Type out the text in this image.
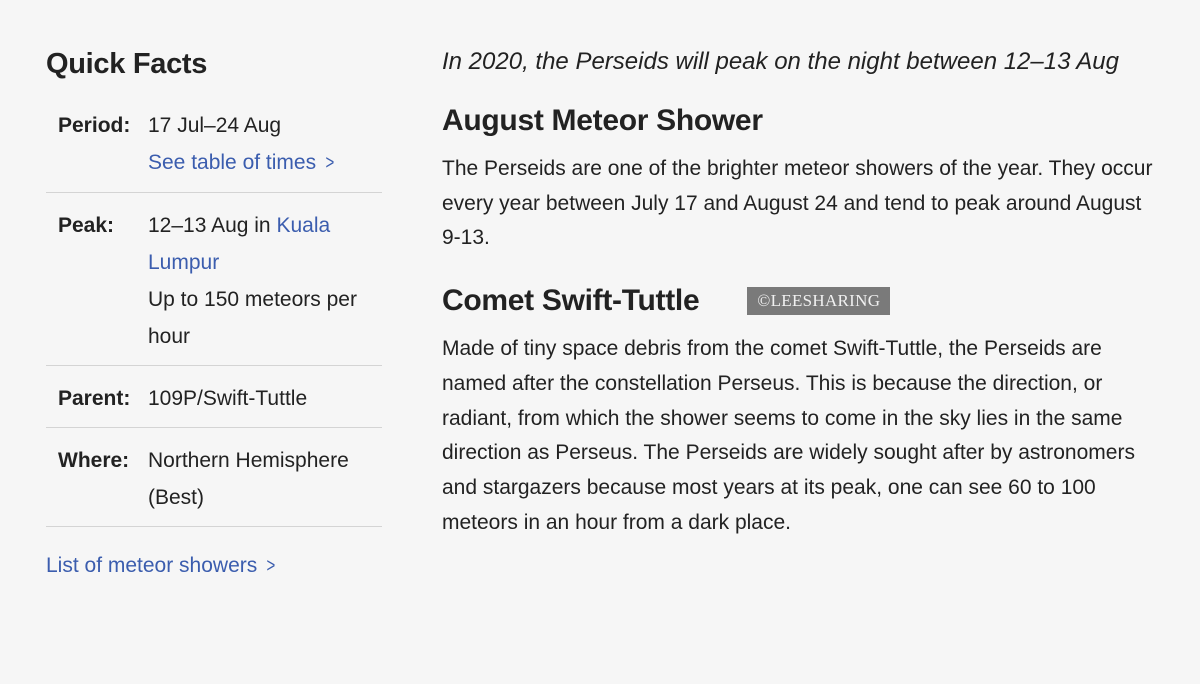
Quick Facts
Period: 17 Jul–24 Aug
See table of times >
Peak:	12–13 Aug in Kuala Lumpur
Up to 150 meteors per hour
Parent: 109P/Swift-Tuttle
Where: Northern Hemisphere (Best)
List of meteor showers >

In 2020, the Perseids will peak on the night between 12–13 Aug

August Meteor Shower

The Perseids are one of the brighter meteor showers of the year. They occur every year between July 17 and August 24 and tend to peak around August 9-13.

Comet Swift-Tuttle	©LEESHARING

Made of tiny space debris from the comet Swift-Tuttle, the Perseids are named after the constellation Perseus. This is because the direction, or radiant, from which the shower seems to come in the sky lies in the same direction as Perseus. The Perseids are widely sought after by astronomers and stargazers because most years at its peak, one can see 60 to 100 meteors in an hour from a dark place.
